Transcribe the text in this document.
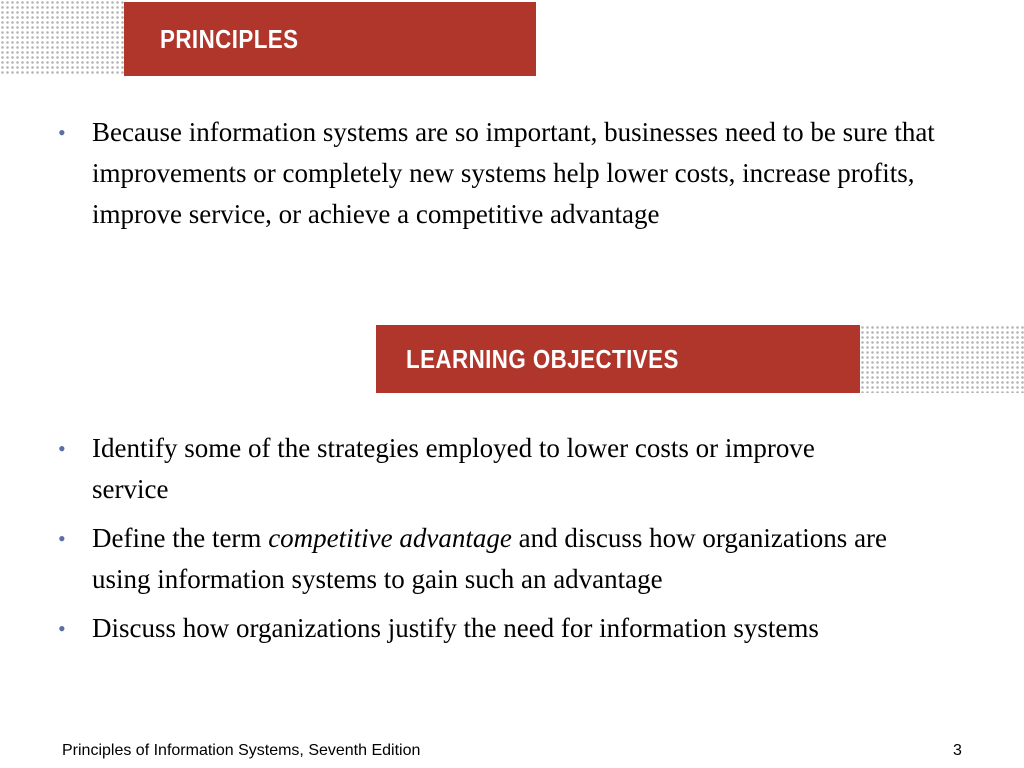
PRINCIPLES
• Because information systems are so important, businesses need to be sure that improvements or completely new systems help lower costs, increase profits, improve service, or achieve a competitive advantage
LEARNING OBJECTIVES
• Identify some of the strategies employed to lower costs or improve service
• Define the term competitive advantage and discuss how organizations are using information systems to gain such an advantage
• Discuss how organizations justify the need for information systems
Principles of Information Systems, Seventh Edition	3
